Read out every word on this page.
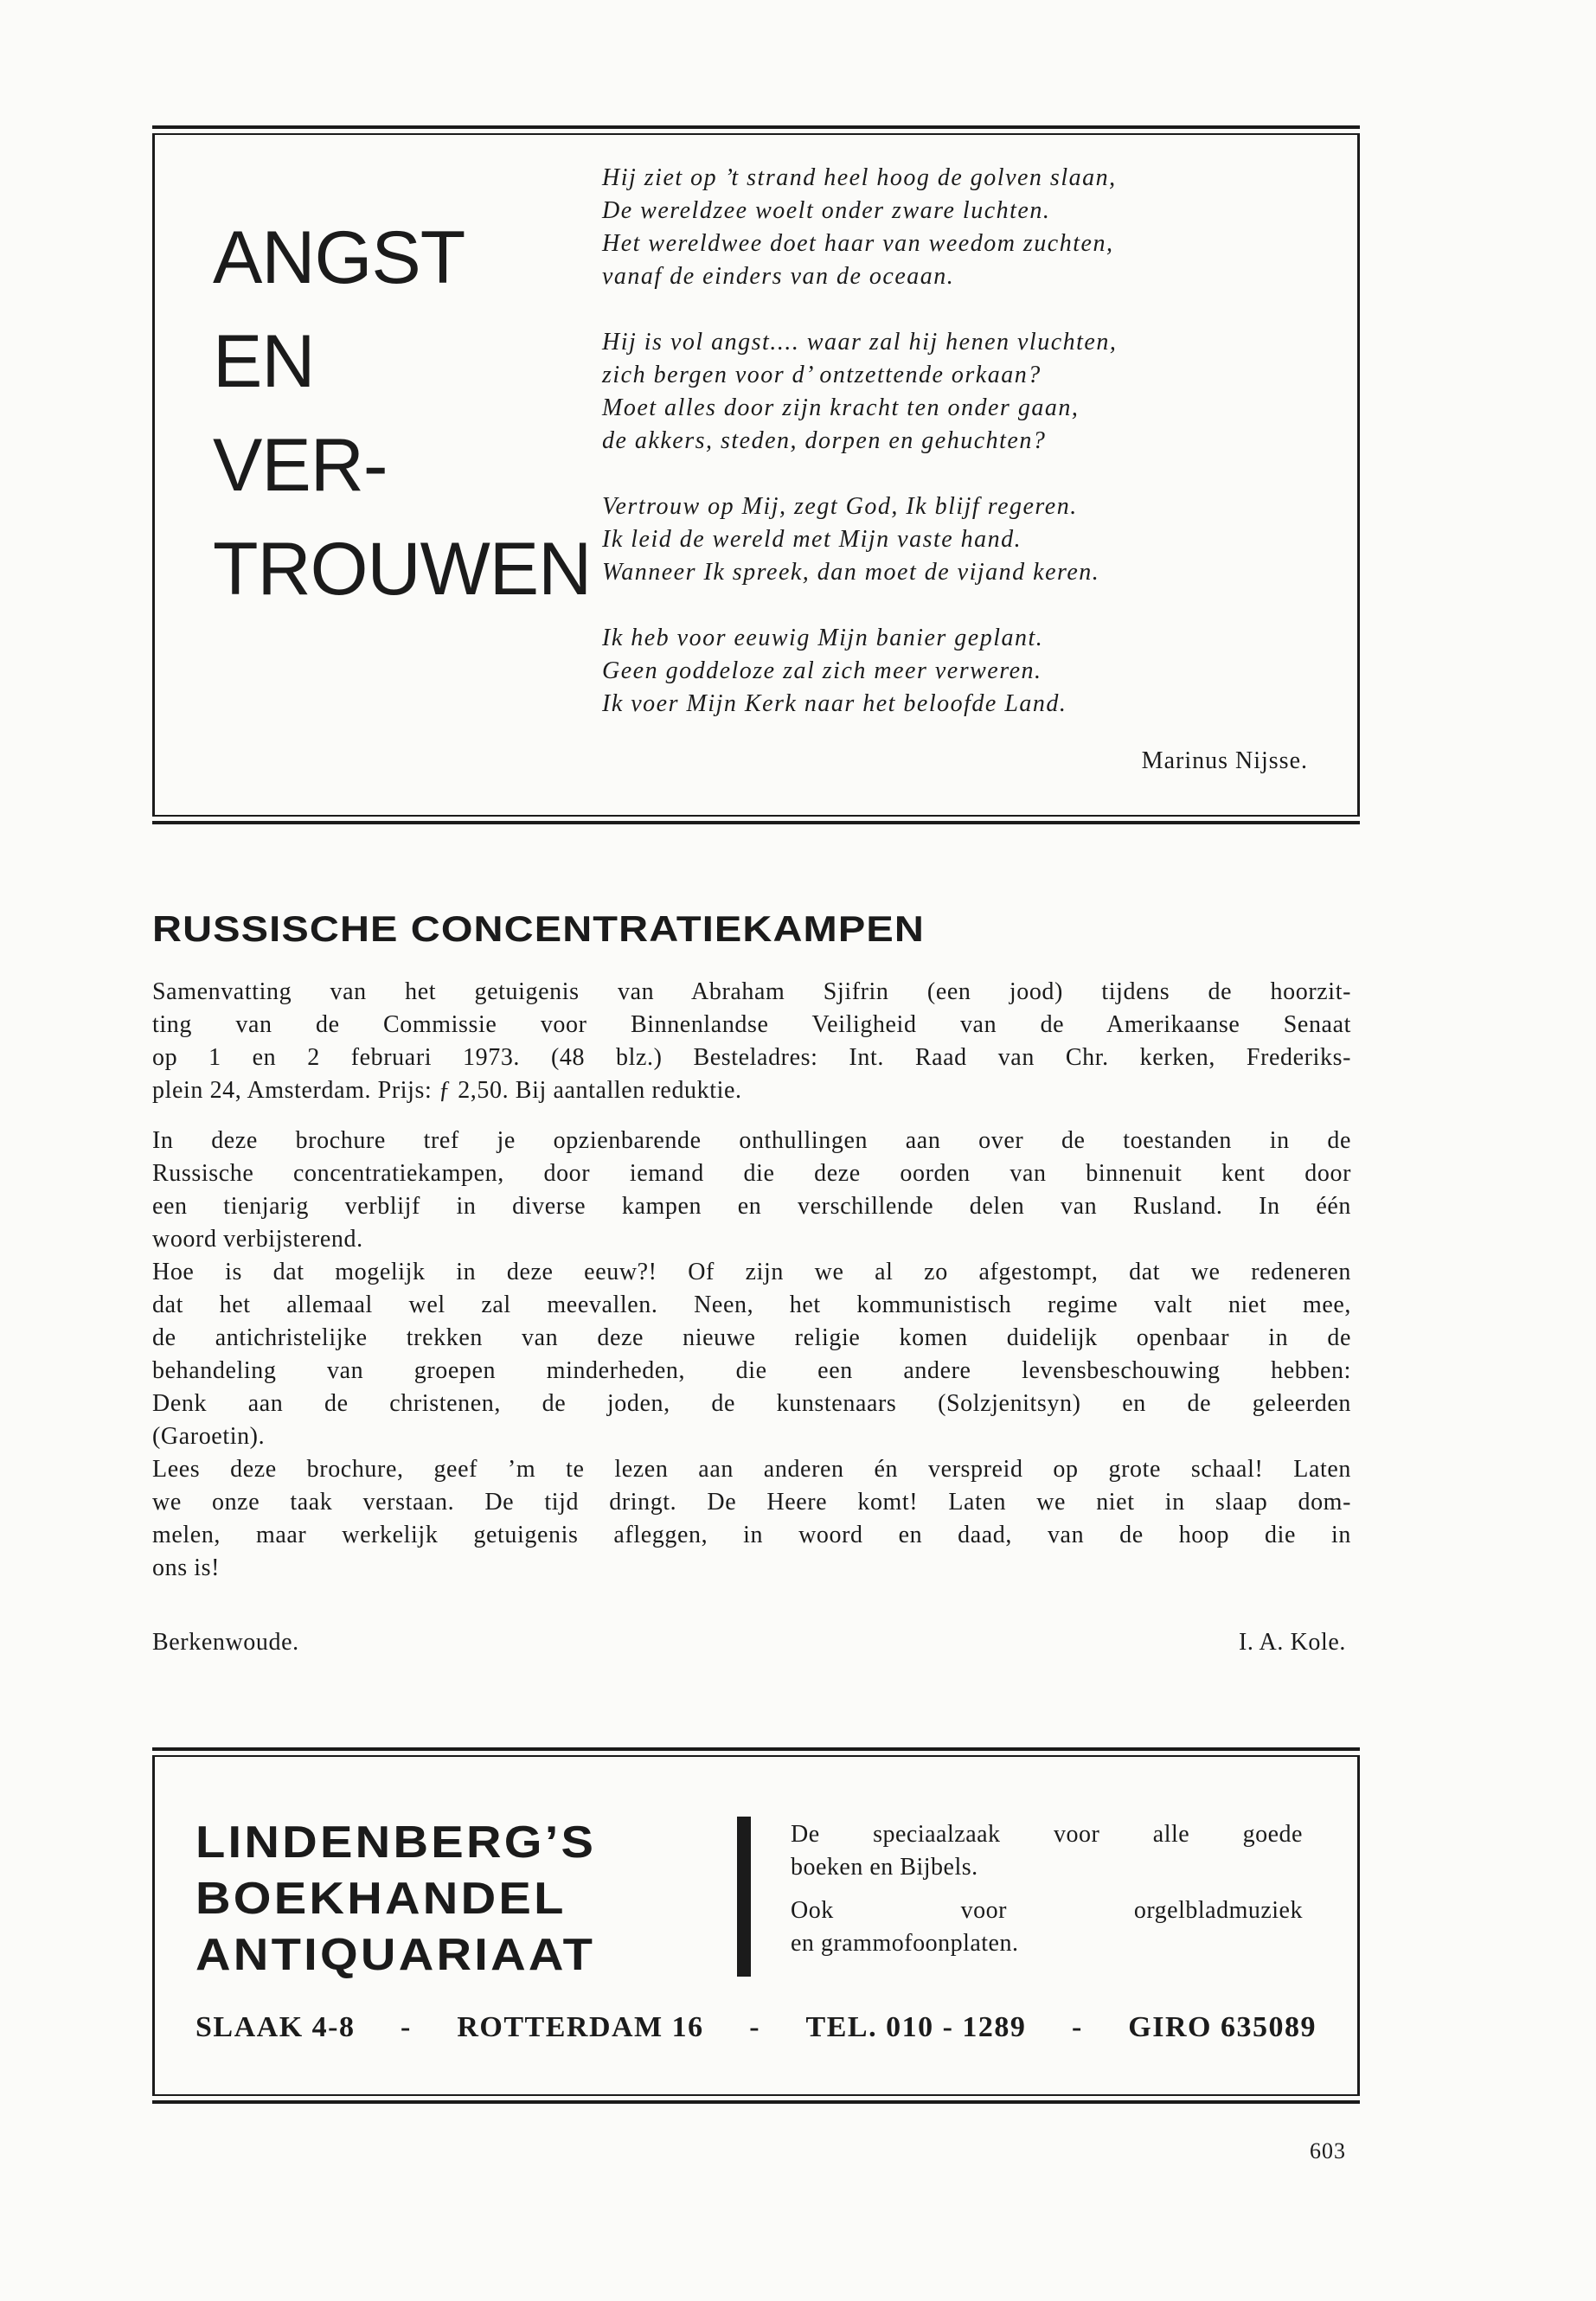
ANGST
EN
VER-
TROUWEN
Hij ziet op ’t strand heel hoog de golven slaan,
De wereldzee woelt onder zware luchten.
Het wereldwee doet haar van weedom zuchten,
vanaf de einders van de oceaan.
Hij is vol angst.... waar zal hij henen vluchten,
zich bergen voor d’ ontzettende orkaan?
Moet alles door zijn kracht ten onder gaan,
de akkers, steden, dorpen en gehuchten?
Vertrouw op Mij, zegt God, Ik blijf regeren.
Ik leid de wereld met Mijn vaste hand.
Wanneer Ik spreek, dan moet de vijand keren.
Ik heb voor eeuwig Mijn banier geplant.
Geen goddeloze zal zich meer verweren.
Ik voer Mijn Kerk naar het beloofde Land.
Marinus Nijsse.
RUSSISCHE CONCENTRATIEKAMPEN
Samenvatting van het getuigenis van Abraham Sjifrin (een jood) tijdens de hoorzit-
ting van de Commissie voor Binnenlandse Veiligheid van de Amerikaanse Senaat
op 1 en 2 februari 1973. (48 blz.) Besteladres: Int. Raad van Chr. kerken, Frederiks-
plein 24, Amsterdam. Prijs: ƒ 2,50. Bij aantallen reduktie.
In deze brochure tref je opzienbarende onthullingen aan over de toestanden in de
Russische concentratiekampen, door iemand die deze oorden van binnenuit kent door
een tienjarig verblijf in diverse kampen en verschillende delen van Rusland. In één
woord verbijsterend.
Hoe is dat mogelijk in deze eeuw?! Of zijn we al zo afgestompt, dat we redeneren
dat het allemaal wel zal meevallen. Neen, het kommunistisch regime valt niet mee,
de antichristelijke trekken van deze nieuwe religie komen duidelijk openbaar in de
behandeling van groepen minderheden, die een andere levensbeschouwing hebben:
Denk aan de christenen, de joden, de kunstenaars (Solzjenitsyn) en de geleerden
(Garoetin).
Lees deze brochure, geef ’m te lezen aan anderen én verspreid op grote schaal! Laten
we onze taak verstaan. De tijd dringt. De Heere komt! Laten we niet in slaap dom-
melen, maar werkelijk getuigenis afleggen, in woord en daad, van de hoop die in
ons is!
Berkenwoude.	I. A. Kole.
LINDENBERG’S
BOEKHANDEL
ANTIQUARIAAT
De speciaalzaak voor alle goede
boeken en Bijbels.
Ook voor orgelbladmuziek
en grammofoonplaten.
SLAAK 4-8 - ROTTERDAM 16 - TEL. 010 - 1289 - GIRO 635089
603
